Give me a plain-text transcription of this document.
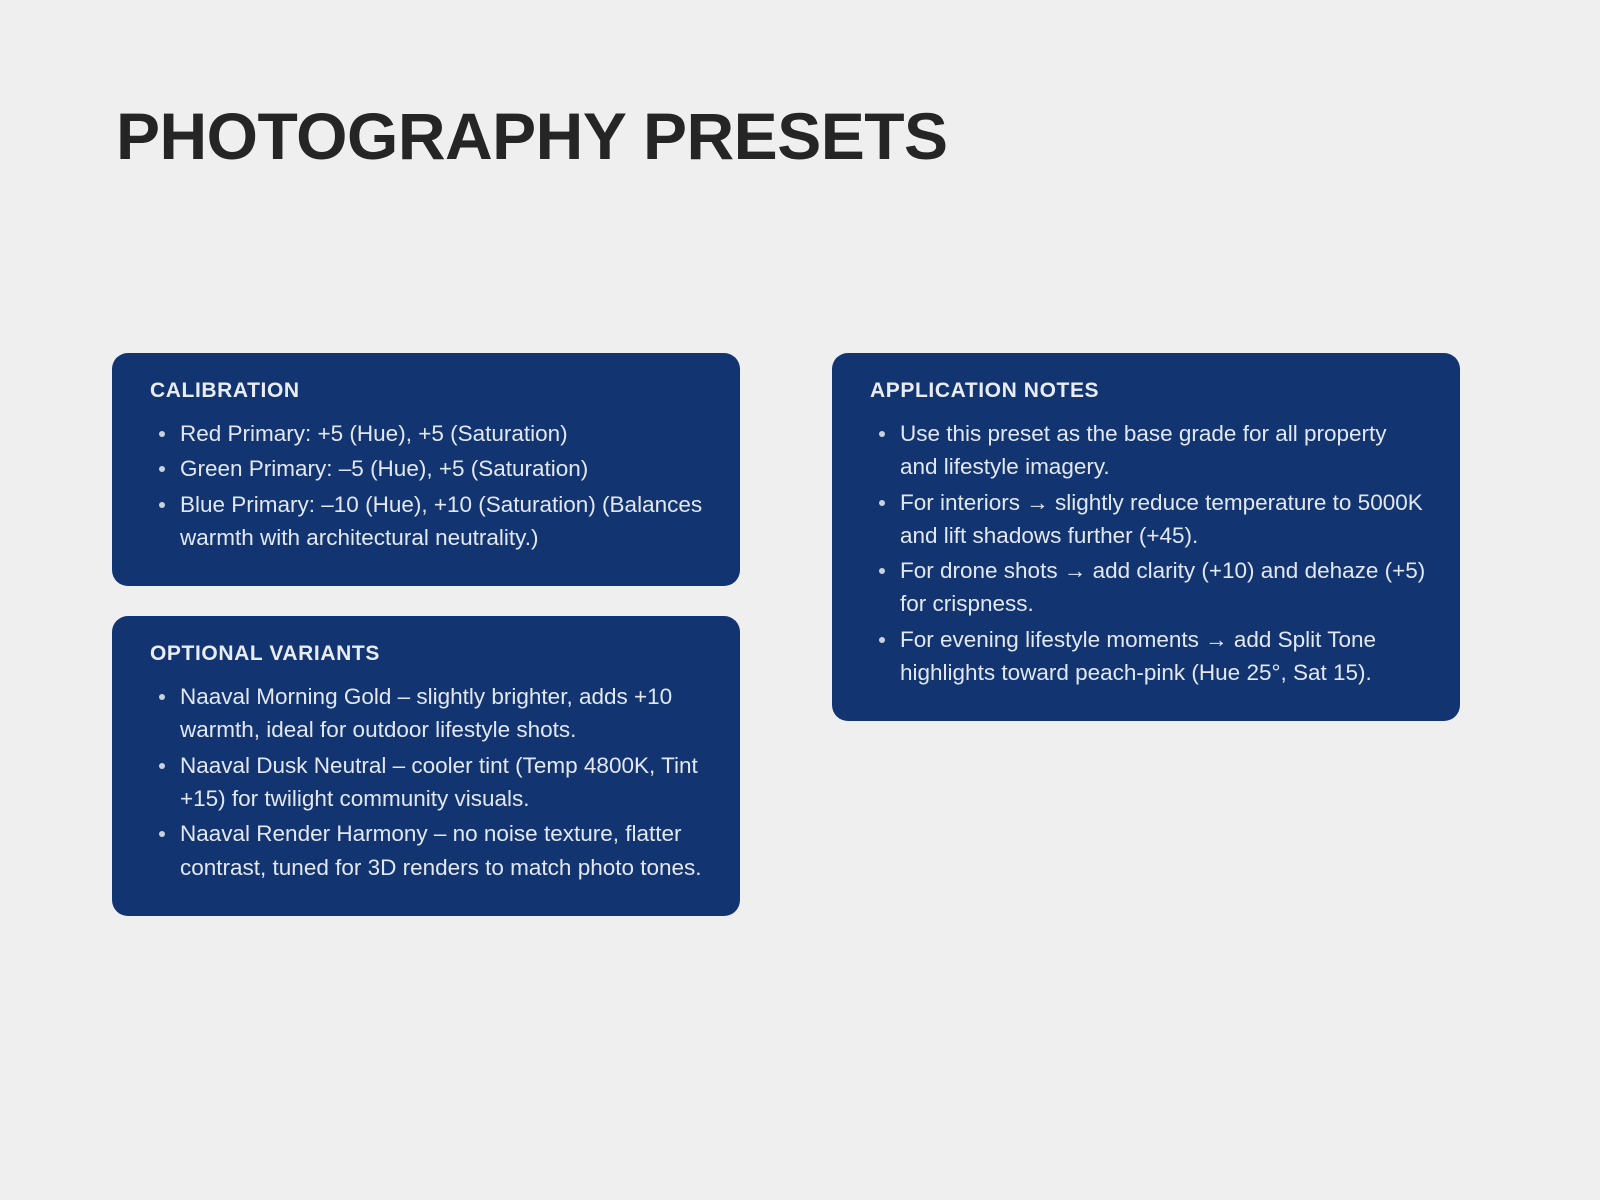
PHOTOGRAPHY PRESETS
CALIBRATION
Red Primary: +5 (Hue), +5 (Saturation)
Green Primary: –5 (Hue), +5 (Saturation)
Blue Primary: –10 (Hue), +10 (Saturation) (Balances warmth with architectural neutrality.)
OPTIONAL VARIANTS
Naaval Morning Gold – slightly brighter, adds +10 warmth, ideal for outdoor lifestyle shots.
Naaval Dusk Neutral – cooler tint (Temp 4800K, Tint +15) for twilight community visuals.
Naaval Render Harmony – no noise texture, flatter contrast, tuned for 3D renders to match photo tones.
APPLICATION NOTES
Use this preset as the base grade for all property and lifestyle imagery.
For interiors → slightly reduce temperature to 5000K and lift shadows further (+45).
For drone shots → add clarity (+10) and dehaze (+5) for crispness.
For evening lifestyle moments → add Split Tone highlights toward peach-pink (Hue 25°, Sat 15).
